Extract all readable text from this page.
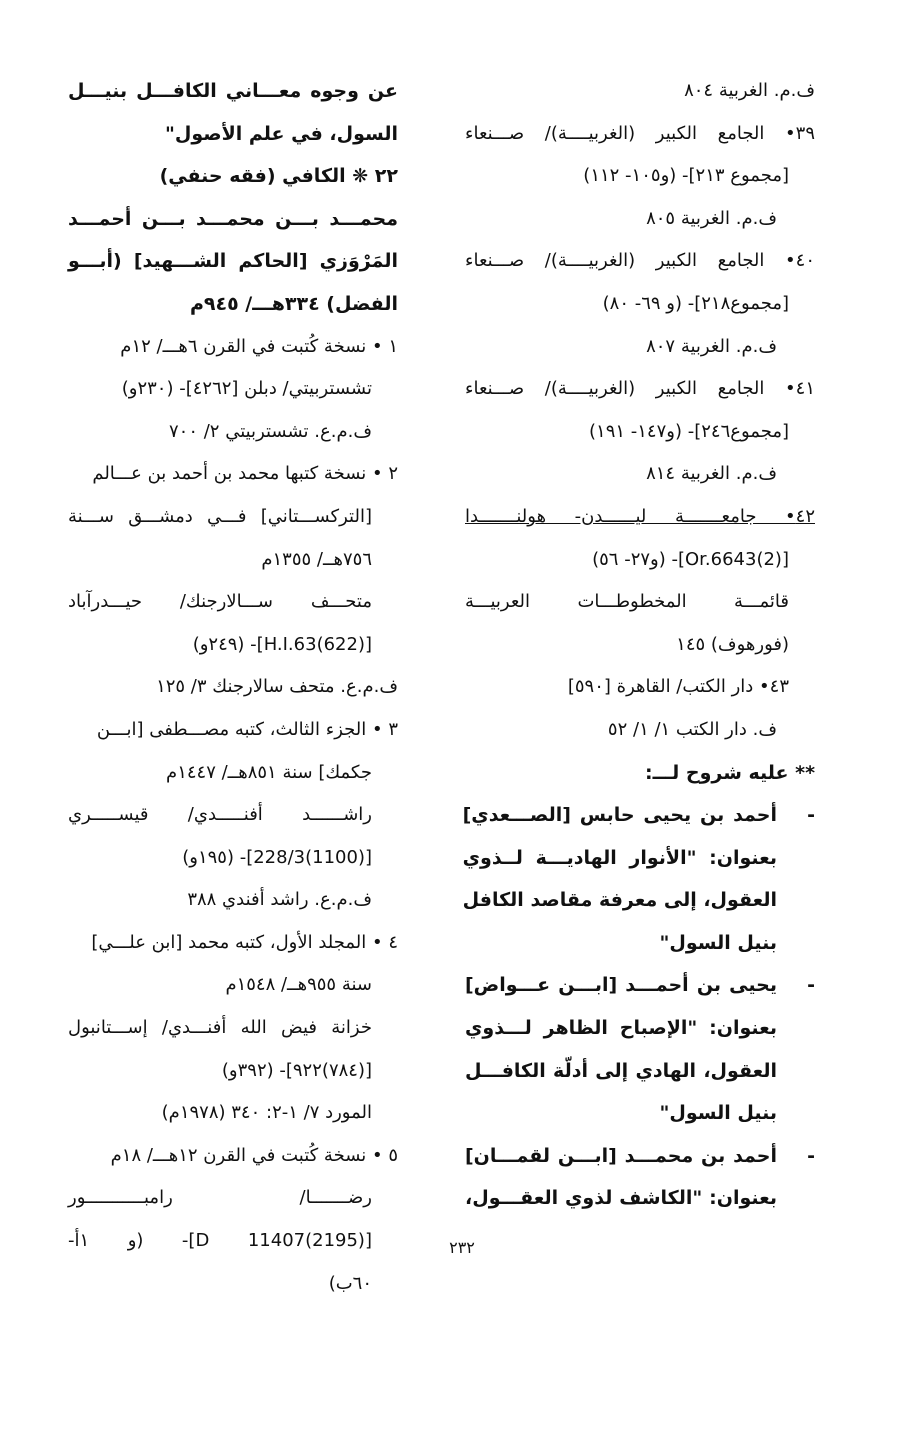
ف.م. الغربية ٨٠٤
٣٩• الجامع الكبير (الغربيــــة)/ صـــنعاء
[مجموع ٢١٣]- (و١٠٥- ١١٢)
ف.م. الغربية ٨٠٥
٤٠• الجامع الكبير (الغربيــــة)/ صـــنعاء
[مجموع٢١٨]- (و ٦٩- ٨٠)
ف.م. الغربية ٨٠٧
٤١• الجامع الكبير (الغربيــــة)/ صـــنعاء
[مجموع٢٤٦]- (و١٤٧- ١٩١)
ف.م. الغربية ٨١٤
٤٢• جامعـــــــة ليــــــدن- هولنـــــــدا
[Or.6643(2)]- (و٢٧- ٥٦)
قائمـــة المخطوطـــات العربيـــة
(فورهوف) ١٤٥
٤٣• دار الكتب/ القاهرة [٥٩٠]
ف. دار الكتب ١/ ١/ ٥٢
** عليه شروح لـــ:
-
أحمد بن يحيى حابس [الصـــعدي]
بعنوان: "الأنوار الهاديـــة لــذوي
العقول، إلى معرفة مقاصد الكافل
بنيل السول"
-
يحيى بن أحمـــد [ابـــن عـــواض]
بعنوان: "الإصباح الظاهر لـــذوي
العقول، الهادي إلى أدلّة الكافـــل
بنيل السول"
-
أحمد بن محمـــد [ابـــن لقمـــان]
بعنوان: "الكاشف لذوي العقـــول،
عن وجوه معـــاني الكافـــل بنيـــل
السول، في علم الأصول"
٢٢ ❋ الكافي (فقه حنفي)
محمـــد بـــن محمـــد بـــن أحمـــد
المَرْوَزي [الحاكم الشـــهيد] (أبـــو
الفضل) ٣٣٤هـــ/ ٩٤٥م
١ • نسخة كُتبت في القرن ٦هـــ/ ١٢م
تشستربيتي/ دبلن [٤٢٦٢]- (٢٣٠و)
ف.م.ع. تشستربيتي ٢/ ٧٠٠
٢ • نسخة كتبها محمد بن أحمد بن عـــالم
[التركســـتاني] فـــي دمشـــق ســـنة
٧٥٦هــ/ ١٣٥٥م
متحـــف ســـالارجنك/ حيـــدرآباد
[(622)H.I.63]- (٢٤٩و)
ف.م.ع. متحف سالارجنك ٣/ ١٢٥
٣ • الجزء الثالث، كتبه مصـــطفى [ابـــن
جكمك] سنة ٨٥١هــ/ ١٤٤٧م
راشــــــد أفنـــــدي/ قيســـــري
[(1100)228/3]- (١٩٥و)
ف.م.ع. راشد أفندي ٣٨٨
٤ • المجلد الأول، كتبه محمد [ابن علـــي]
سنة ٩٥٥هــ/ ١٥٤٨م
خزانة فيض الله أفنـــدي/ إســـتانبول
[(٧٨٤)٩٢٢]- (٣٩٢و)
المورد ٧/ ١-٢: ٣٤٠ (١٩٧٨م)
٥ • نسخة كُتبت في القرن ١٢هـــ/ ١٨م
رضـــــــا/ رامبـــــــــــور
[D 11407(2195)]- (و ١أ-
٦٠ب)
٢٣٢
